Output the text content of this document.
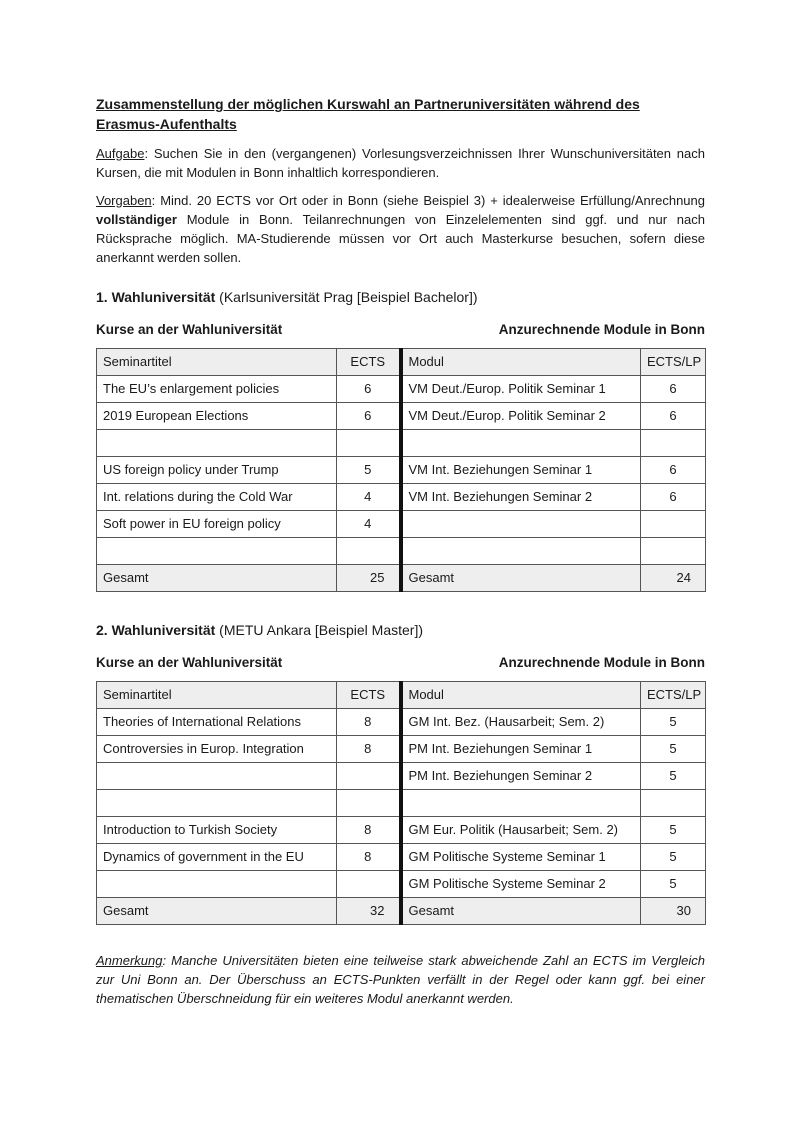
Zusammenstellung der möglichen Kurswahl an Partneruniversitäten während des Erasmus-Aufenthalts

Aufgabe: Suchen Sie in den (vergangenen) Vorlesungsverzeichnissen Ihrer Wunschuniversitäten nach Kursen, die mit Modulen in Bonn inhaltlich korrespondieren.

Vorgaben: Mind. 20 ECTS vor Ort oder in Bonn (siehe Beispiel 3) + idealerweise Erfüllung/Anrechnung vollständiger Module in Bonn. Teilanrechnungen von Einzelelementen sind ggf. und nur nach Rücksprache möglich. MA-Studierende müssen vor Ort auch Masterkurse besuchen, sofern diese anerkannt werden sollen.

1. Wahluniversität (Karlsuniversität Prag [Beispiel Bachelor])
Kurse an der Wahluniversität	Anzurechnende Module in Bonn
Seminartitel	ECTS	Modul	ECTS/LP
The EU’s enlargement policies	6	VM Deut./Europ. Politik Seminar 1	6
2019 European Elections	6	VM Deut./Europ. Politik Seminar 2	6

US foreign policy under Trump	5	VM Int. Beziehungen Seminar 1	6
Int. relations during the Cold War	4	VM Int. Beziehungen Seminar 2	6
Soft power in EU foreign policy	4		

Gesamt	25	Gesamt	24
2. Wahluniversität (METU Ankara [Beispiel Master])
Kurse an der Wahluniversität	Anzurechnende Module in Bonn
Seminartitel	ECTS	Modul	ECTS/LP
Theories of International Relations	8	GM Int. Bez. (Hausarbeit; Sem. 2)	5
Controversies in Europ. Integration	8	PM Int. Beziehungen Seminar 1	5
		PM Int. Beziehungen Seminar 2	5

Introduction to Turkish Society	8	GM Eur. Politik (Hausarbeit; Sem. 2)	5
Dynamics of government in the EU	8	GM Politische Systeme Seminar 1	5
		GM Politische Systeme Seminar 2	5
Gesamt	32	Gesamt	30

Anmerkung: Manche Universitäten bieten eine teilweise stark abweichende Zahl an ECTS im Vergleich zur Uni Bonn an. Der Überschuss an ECTS-Punkten verfällt in der Regel oder kann ggf. bei einer thematischen Überschneidung für ein weiteres Modul anerkannt werden.
